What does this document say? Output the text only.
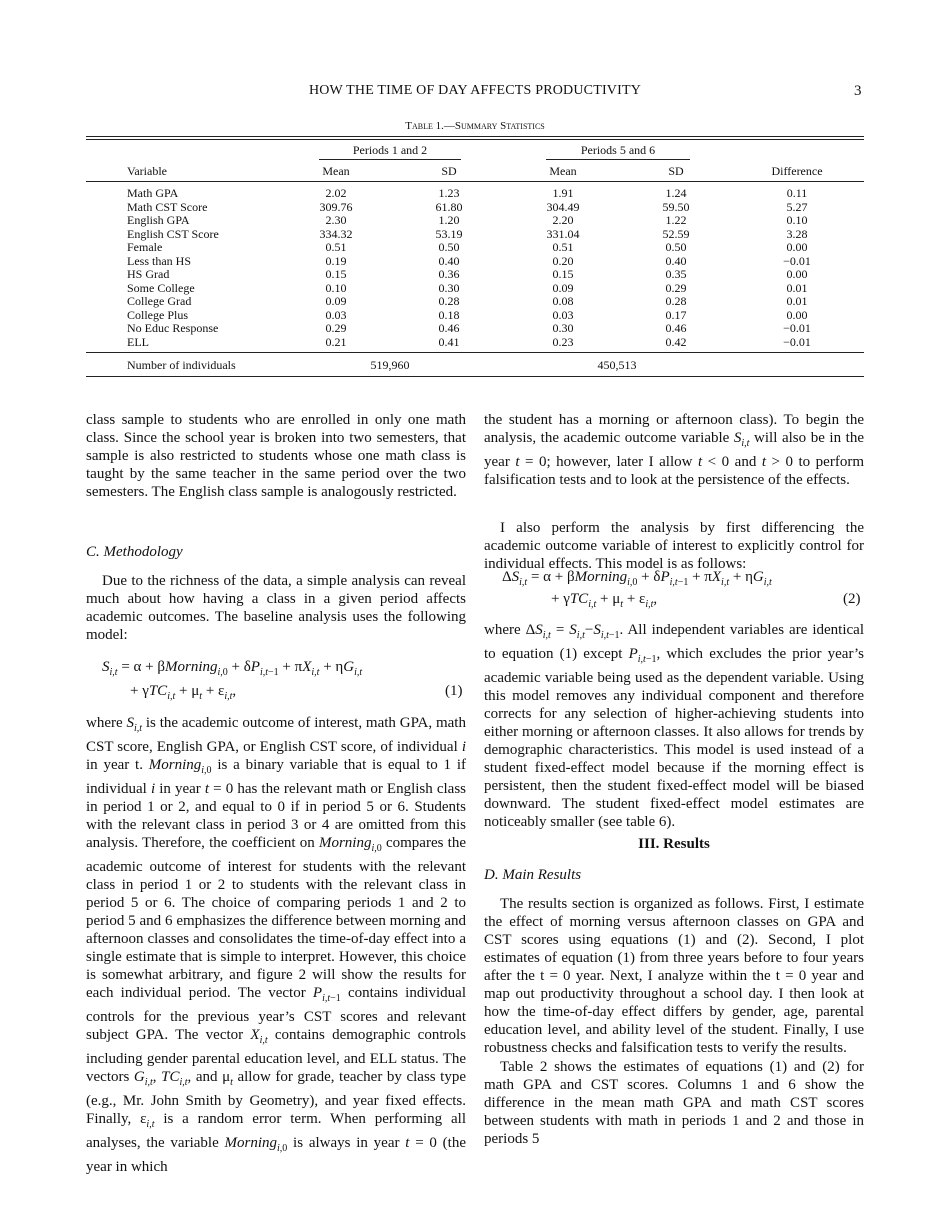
HOW THE TIME OF DAY AFFECTS PRODUCTIVITY	3
Table 1.—Summary Statistics
Periods 1 and 2	Periods 5 and 6
Variable	Mean	SD	Mean	SD	Difference
Math GPA	2.02	1.23	1.91	1.24	0.11
Math CST Score	309.76	61.80	304.49	59.50	5.27
English GPA	2.30	1.20	2.20	1.22	0.10
English CST Score	334.32	53.19	331.04	52.59	3.28
Female	0.51	0.50	0.51	0.50	0.00
Less than HS	0.19	0.40	0.20	0.40	−0.01
HS Grad	0.15	0.36	0.15	0.35	0.00
Some College	0.10	0.30	0.09	0.29	0.01
College Grad	0.09	0.28	0.08	0.28	0.01
College Plus	0.03	0.18	0.03	0.17	0.00
No Educ Response	0.29	0.46	0.30	0.46	−0.01
ELL	0.21	0.41	0.23	0.42	−0.01
Number of individuals	519,960	450,513

class sample to students who are enrolled in only one math class. Since the school year is broken into two semesters, that sample is also restricted to students whose one math class is taught by the same teacher in the same period over the two semesters. The English class sample is analogously restricted.

C. Methodology

Due to the richness of the data, a simple analysis can reveal much about how having a class in a given period affects academic outcomes. The baseline analysis uses the following model:

$S_{i,t} = \alpha$ + βMorning$_{i,0}$ + $\delta P_{i,t-1} + \pi X_{i,t} + \eta G_{i,t}$
+ $\gamma TC_{i,t} + \mu_t + \varepsilon_{i,t}$,	(1)

where $S_{i,t}$ is the academic outcome of interest, math GPA, math CST score, English GPA, or English CST score, of individual i in year t. Morning$_{i,0}$ is a binary variable that is equal to 1 if individual i in year t = 0 has the relevant math or English class in period 1 or 2, and equal to 0 if in period 5 or 6. Students with the relevant class in period 3 or 4 are omitted from this analysis. Therefore, the coefficient on Morning$_{i,0}$ compares the academic outcome of interest for students with the relevant class in period 1 or 2 to students with the relevant class in period 5 or 6. The choice of comparing periods 1 and 2 to period 5 and 6 emphasizes the difference between morning and afternoon classes and consolidates the time-of-day effect into a single estimate that is simple to interpret. However, this choice is somewhat arbitrary, and figure 2 will show the results for each individual period. The vector $P_{i,t-1}$ contains individual controls for the previous year’s CST scores and relevant subject GPA. The vector $X_{i,t}$ contains demographic controls including gender parental education level, and ELL status. The vectors $G_{i,t}$, $TC_{i,t}$, and $\mu_t$ allow for grade, teacher by class type (e.g., Mr. John Smith by Geometry), and year fixed effects. Finally, $\varepsilon_{i,t}$ is a random error term. When performing all analyses, the variable Morning$_{i,0}$ is always in year t = 0 (the year in which

the student has a morning or afternoon class). To begin the analysis, the academic outcome variable $S_{i,t}$ will also be in the year t = 0; however, later I allow t < 0 and t > 0 to perform falsification tests and to look at the persistence of the effects.

I also perform the analysis by first differencing the academic outcome variable of interest to explicitly control for individual effects. This model is as follows:

$\Delta S_{i,t} = \alpha$ + βMorning$_{i,0}$ + $\delta P_{i,t-1} + \pi X_{i,t} + \eta G_{i,t}$
+ $\gamma TC_{i,t} + \mu_t + \varepsilon_{i,t}$,	(2)

where $\Delta S_{i,t} = S_{i,t}-S_{i,t-1}$. All independent variables are identical to equation (1) except $P_{i,t-1}$, which excludes the prior year’s academic variable being used as the dependent variable. Using this model removes any individual component and therefore corrects for any selection of higher-achieving students into either morning or afternoon classes. It also allows for trends by demographic characteristics. This model is used instead of a student fixed-effect model because if the morning effect is persistent, then the student fixed-effect model will be biased downward. The student fixed-effect model estimates are noticeably smaller (see table 6).

III. Results
D. Main Results

The results section is organized as follows. First, I estimate the effect of morning versus afternoon classes on GPA and CST scores using equations (1) and (2). Second, I plot estimates of equation (1) from three years before to four years after the t = 0 year. Next, I analyze within the t = 0 year and map out productivity throughout a school day. I then look at how the time-of-day effect differs by gender, age, parental education level, and ability level of the student. Finally, I use robustness checks and falsification tests to verify the results.

Table 2 shows the estimates of equations (1) and (2) for math GPA and CST scores. Columns 1 and 6 show the difference in the mean math GPA and math CST scores between students with math in periods 1 and 2 and those in periods 5
